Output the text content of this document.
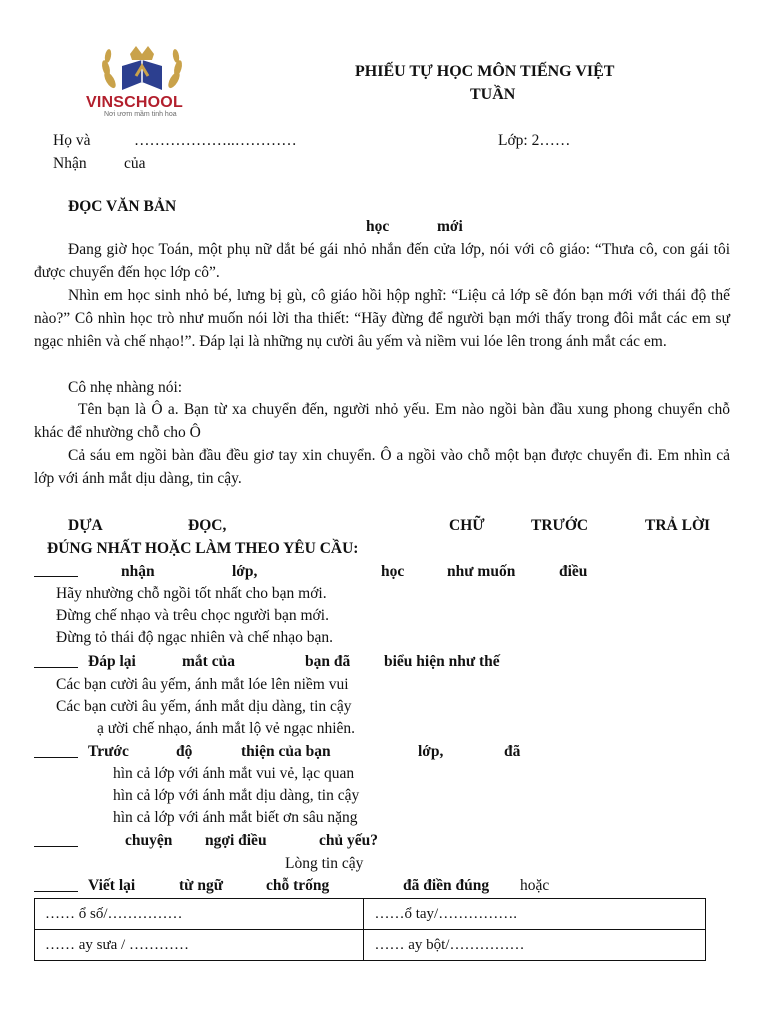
VINSCHOOL
Nơi ươm mầm tinh hoa
PHIẾU TỰ HỌC MÔN TIẾNG VIỆT
TUẦN
Họ và	………………..…………	Lớp: 2……
Nhận của
ĐỌC VĂN BẢN
học	mới
Đang giờ học Toán, một phụ nữ dắt bé gái nhỏ nhắn đến cửa lớp, nói với cô giáo: “Thưa cô, con gái tôi được chuyển đến học lớp cô”.
Nhìn em học sinh nhỏ bé, lưng bị gù, cô giáo hồi hộp nghĩ: “Liệu cả lớp sẽ đón bạn mới với thái độ thế nào?” Cô nhìn học trò như muốn nói lời tha thiết: “Hãy đừng để người bạn mới thấy trong đôi mắt các em sự ngạc nhiên và chế nhạo!”. Đáp lại là những nụ cười âu yếm và niềm vui lóe lên trong ánh mắt các em.
Cô nhẹ nhàng nói:
Tên bạn là Ô a. Bạn từ xa chuyển đến, người nhỏ yếu. Em nào ngồi bàn đầu xung phong chuyển chỗ khác để nhường chỗ cho Ô
Cả sáu em ngồi bàn đầu đều giơ tay xin chuyển. Ô a ngồi vào chỗ một bạn được chuyển đi. Em nhìn cả lớp với ánh mắt dịu dàng, tin cậy.
DỰA	ĐỌC,	CHỮ	TRƯỚC	TRẢ LỜI
ĐÚNG NHẤT HOẶC LÀM THEO YÊU CẦU:
nhận	lớp,	học	như muốn	điều
Hãy nhường chỗ ngồi tốt nhất cho bạn mới.
Đừng chế nhạo và trêu chọc người bạn mới.
Đừng tỏ thái độ ngạc nhiên và chế nhạo bạn.
Đáp lại	mắt của	bạn đã biểu hiện như thế
Các bạn cười âu yếm, ánh mắt lóe lên niềm vui
Các bạn cười âu yếm, ánh mắt dịu dàng, tin cậy
ạ ười chế nhạo, ánh mắt lộ vẻ ngạc nhiên.
Trước	độ	thiện của bạn	lớp,	đã
hìn cả lớp với ánh mắt vui vẻ, lạc quan
hìn cả lớp với ánh mắt dịu dàng, tin cậy
hìn cả lớp với ánh mắt biết ơn sâu nặng
chuyện ngợi điều	chủ yếu?
Lòng tin cậy
Viết lại	từ ngữ	chỗ trống	đã điền đúng hoặc
…… ổ số/……………	……ổ tay/…………….
…… ay sưa / …………	…… ay bột/……………
